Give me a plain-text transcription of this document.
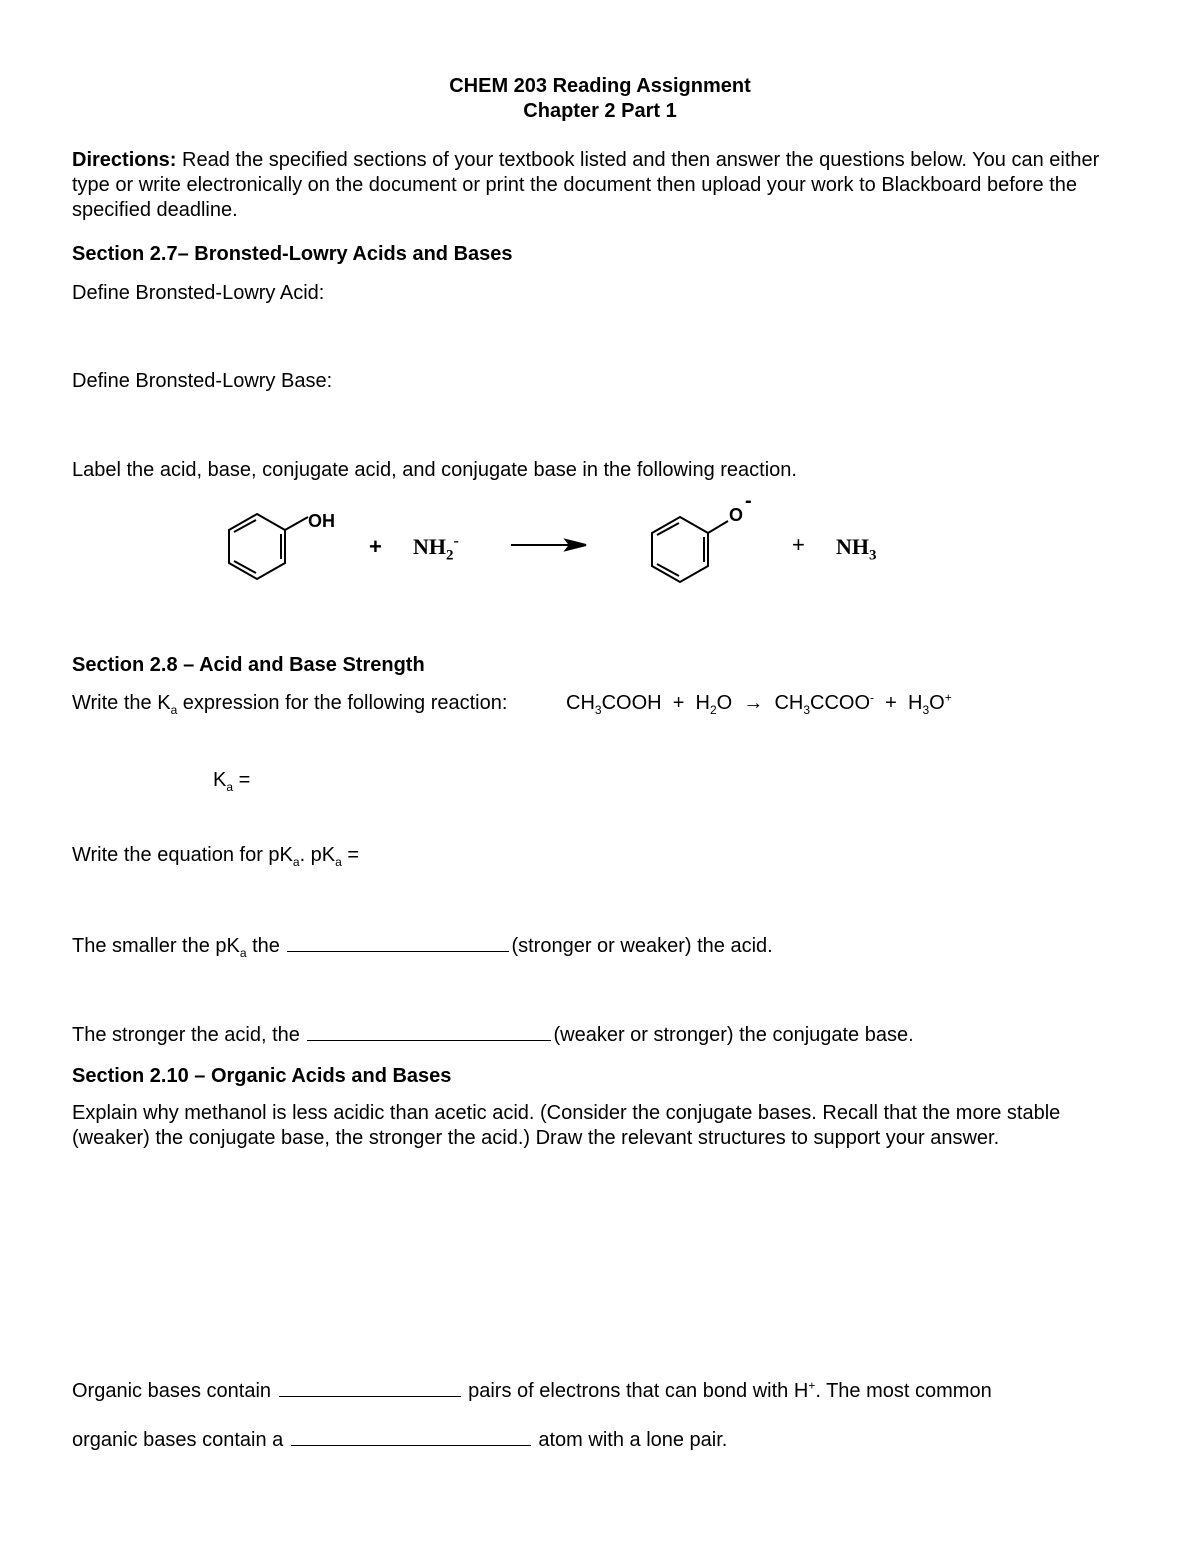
CHEM 203 Reading Assignment
Chapter 2 Part 1
Directions: Read the specified sections of your textbook listed and then answer the questions below. You can either type or write electronically on the document or print the document then upload your work to Blackboard before the specified deadline.
Section 2.7– Bronsted-Lowry Acids and Bases
Define Bronsted-Lowry Acid:
Define Bronsted-Lowry Base:
Label the acid, base, conjugate acid, and conjugate base in the following reaction.
OH
+ $NH_2^-$
O
-
+ $NH_3$
Section 2.8 – Acid and Base Strength
Write the $K_a$ expression for the following reaction:	$CH_3COOH + H_2O$ → $CH_3CCOO^- + H_3O^+$
$K_a$ =
Write the equation for $pK_a$. $pK_a$ =
The smaller the $pK_a$ the	(stronger or weaker) the acid.
The stronger the acid, the	(weaker or stronger) the conjugate base.
Section 2.10 – Organic Acids and Bases
Explain why methanol is less acidic than acetic acid. (Consider the conjugate bases. Recall that the more stable (weaker) the conjugate base, the stronger the acid.) Draw the relevant structures to support your answer.
Organic bases contain	pairs of electrons that can bond with H+. The most common
organic bases contain a	atom with a lone pair.
